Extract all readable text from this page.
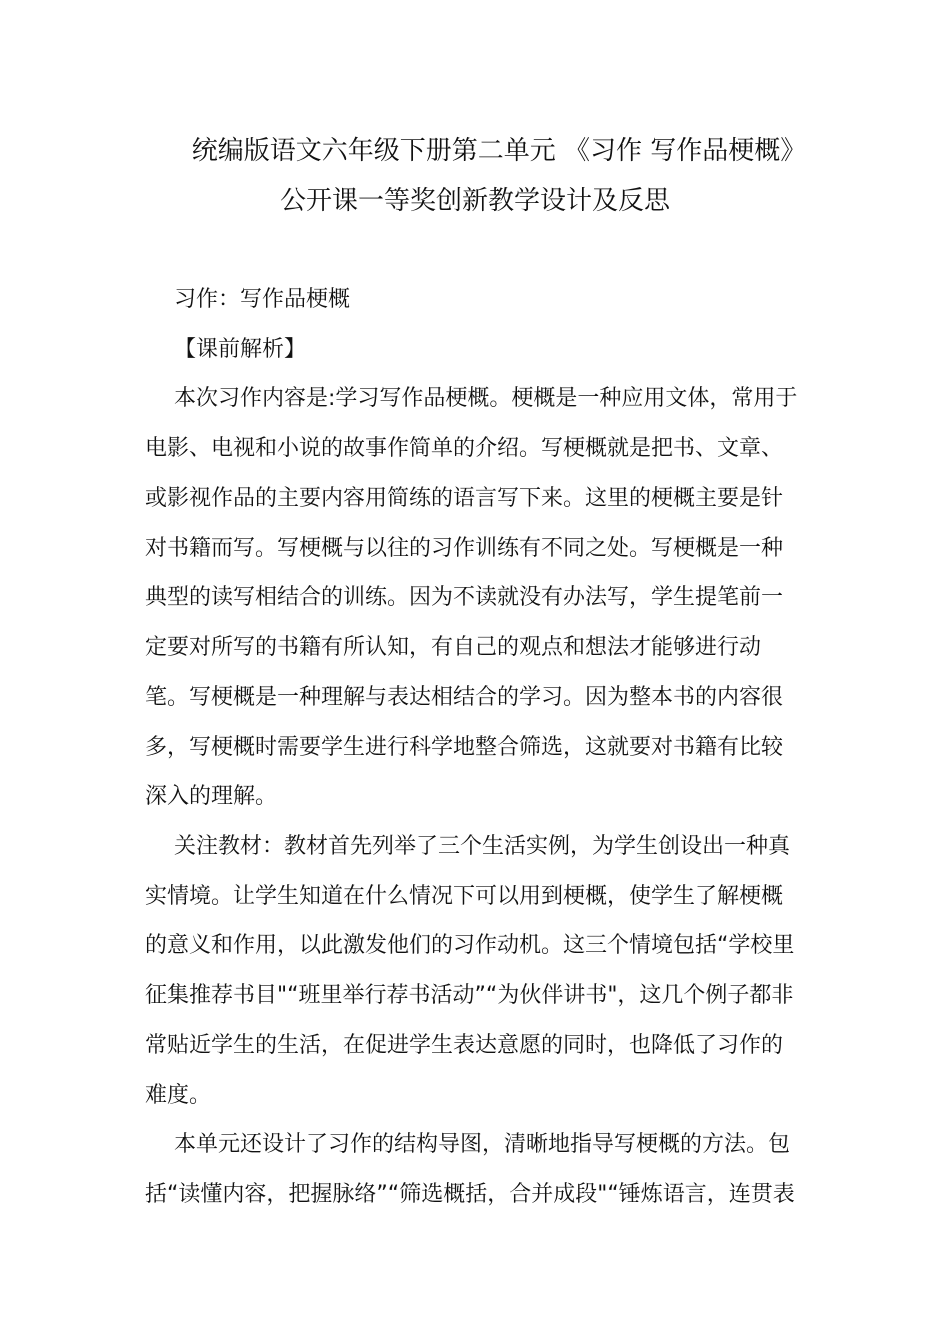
统编版语文六年级下册第二单元 《习作 写作品梗概》
公开课一等奖创新教学设计及反思
习作：写作品梗概
【课前解析】
本次习作内容是:学习写作品梗概。梗概是一种应用文体，常用于
电影、电视和小说的故事作简单的介绍。写梗概就是把书、文章、
或影视作品的主要内容用简练的语言写下来。这里的梗概主要是针
对书籍而写。写梗概与以往的习作训练有不同之处。写梗概是一种
典型的读写相结合的训练。因为不读就没有办法写，学生提笔前一
定要对所写的书籍有所认知，有自己的观点和想法才能够进行动
笔。写梗概是一种理解与表达相结合的学习。因为整本书的内容很
多，写梗概时需要学生进行科学地整合筛选，这就要对书籍有比较
深入的理解。
关注教材：教材首先列举了三个生活实例，为学生创设出一种真
实情境。让学生知道在什么情况下可以用到梗概，使学生了解梗概
的意义和作用，以此激发他们的习作动机。这三个情境包括“学校里
征集推荐书目"“班里举行荐书活动”“为伙伴讲书"，这几个例子都非
常贴近学生的生活，在促进学生表达意愿的同时，也降低了习作的
难度。
本单元还设计了习作的结构导图，清晰地指导写梗概的方法。包
括“读懂内容，把握脉络”“筛选概括，合并成段"“锤炼语言，连贯表
